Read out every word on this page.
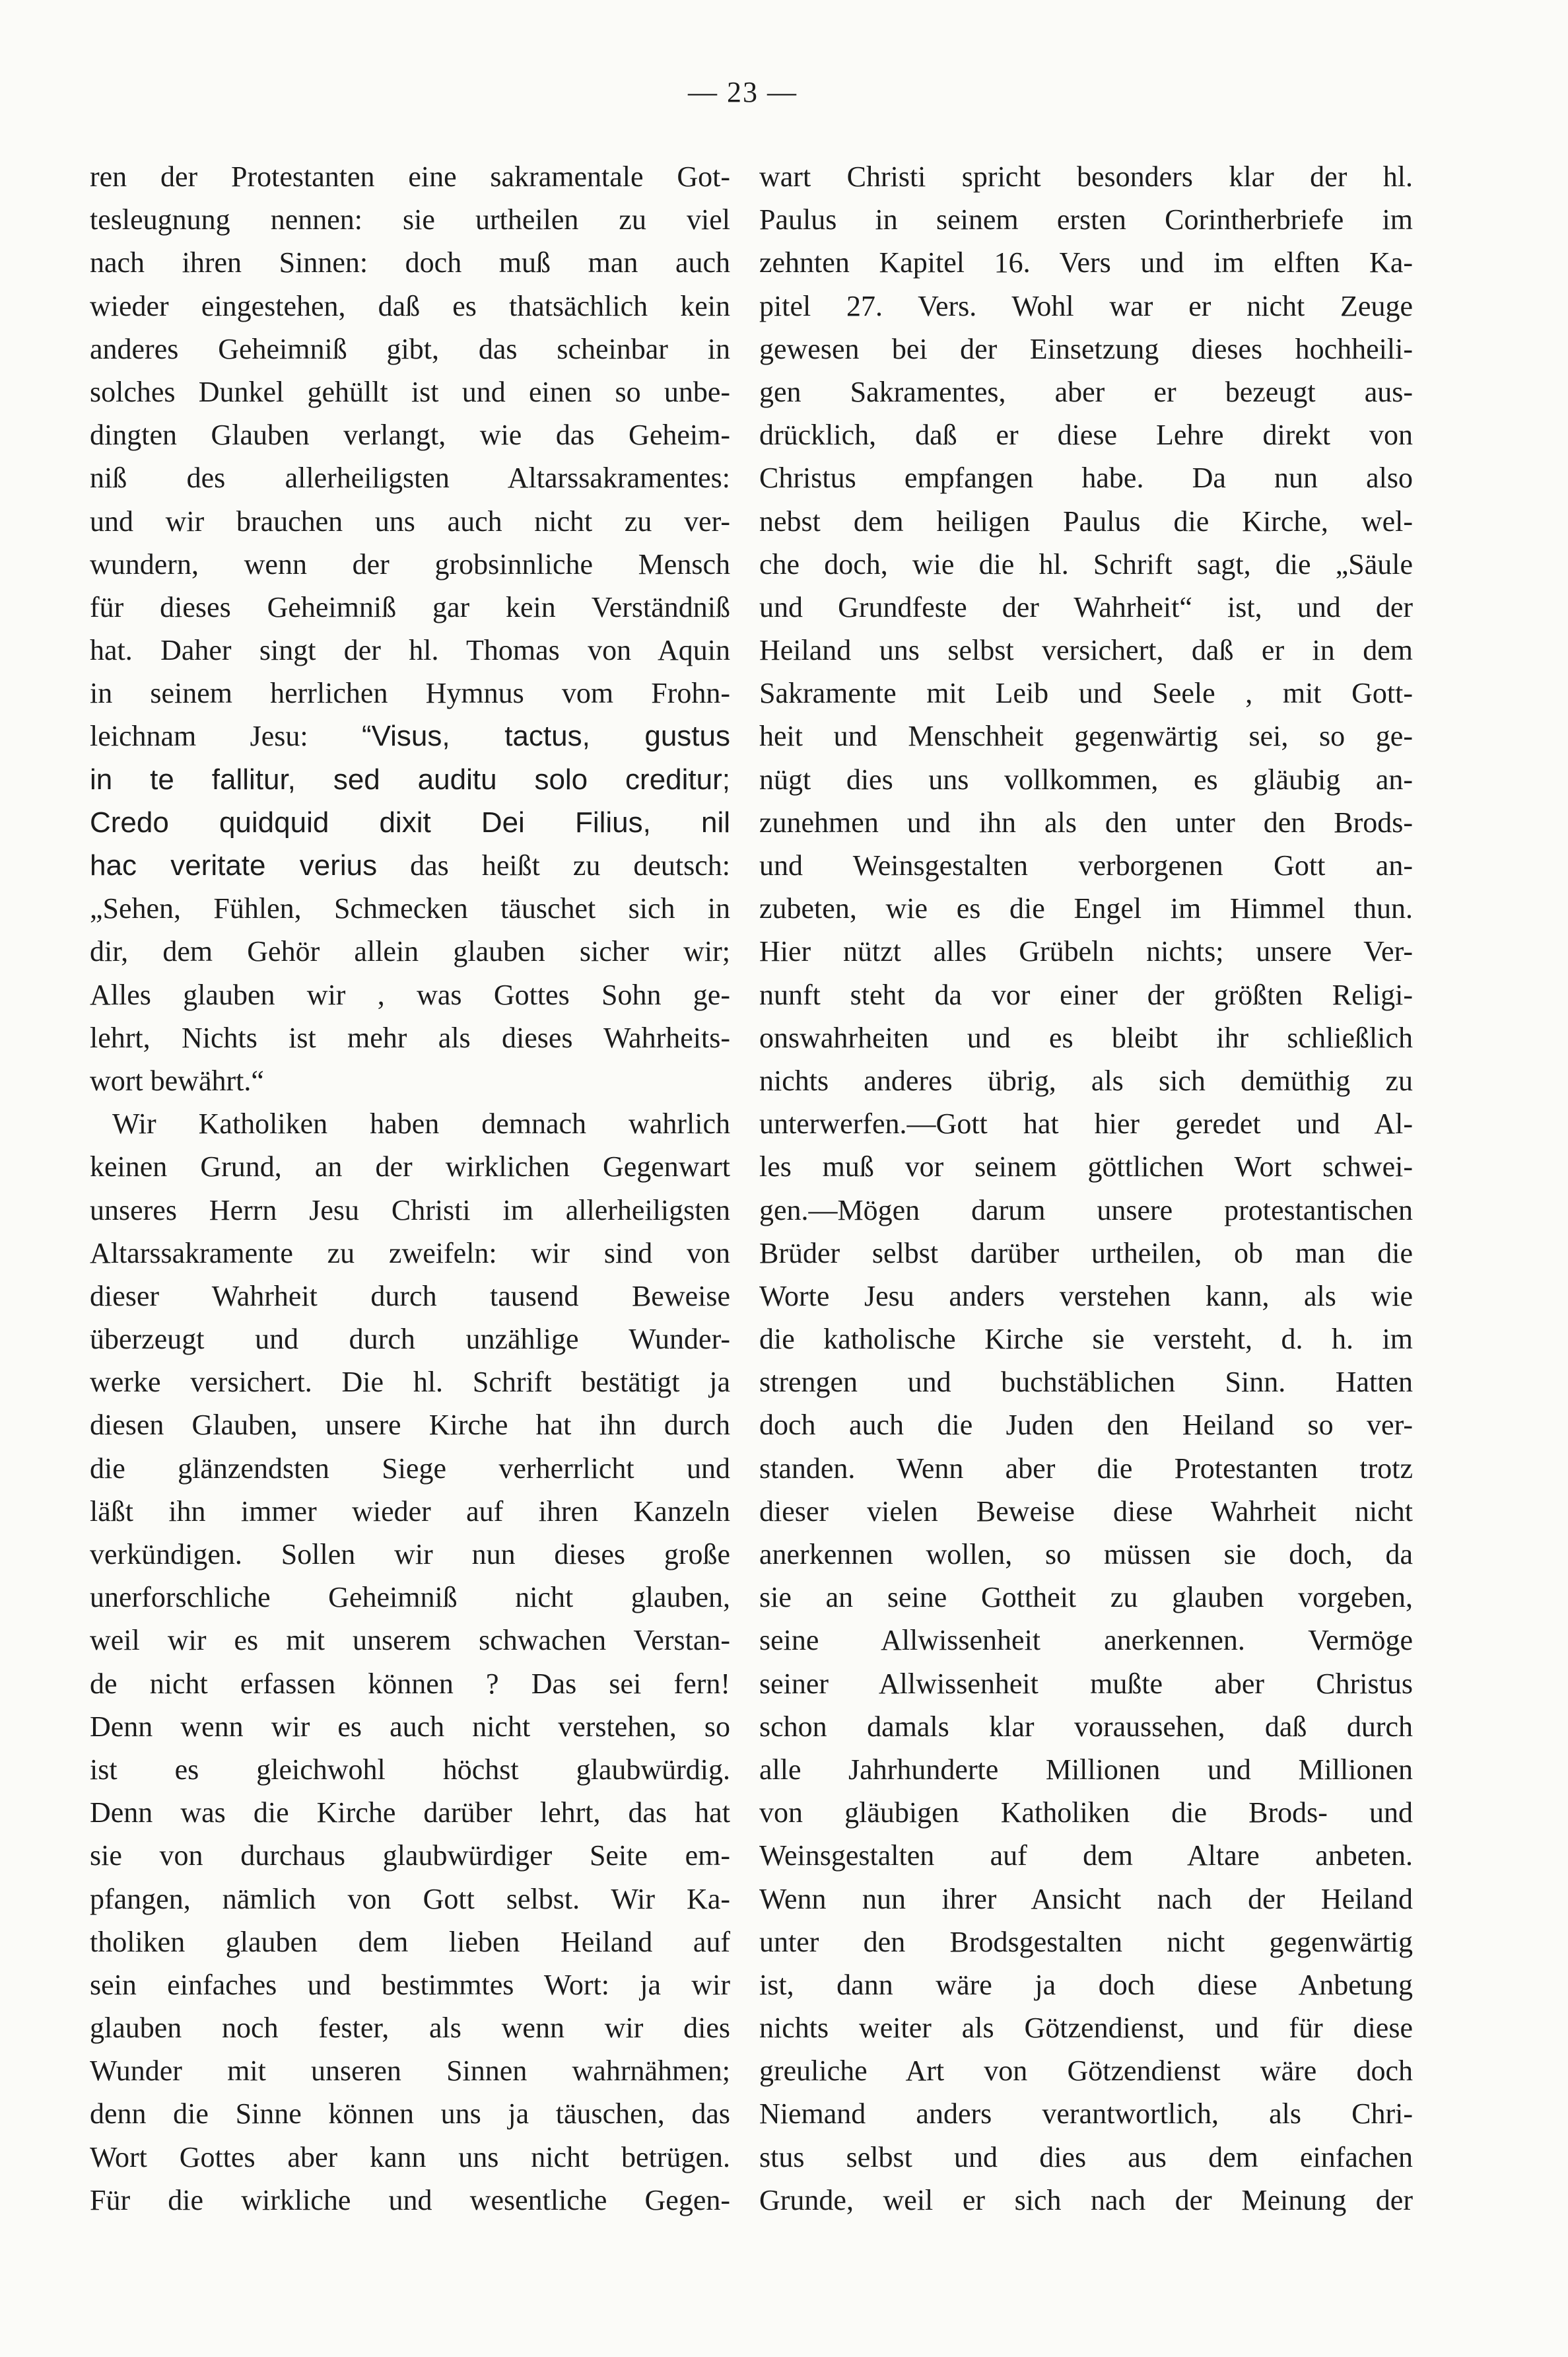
— 23 —
ren der Protestanten eine sakramentale Got-
tesleugnung nennen: sie urtheilen zu viel
nach ihren Sinnen: doch muß man auch
wieder eingestehen, daß es thatsächlich kein
anderes Geheimniß gibt, das scheinbar in
solches Dunkel gehüllt ist und einen so unbe-
dingten Glauben verlangt, wie das Geheim-
niß des allerheiligsten Altarssakramentes:
und wir brauchen uns auch nicht zu ver-
wundern, wenn der grobsinnliche Mensch
für dieses Geheimniß gar kein Verständniß
hat. Daher singt der hl. Thomas von Aquin
in seinem herrlichen Hymnus vom Frohn-
leichnam Jesu: “Visus, tactus, gustus
in te fallitur, sed auditu solo creditur;
Credo quidquid dixit Dei Filius, nil
hac veritate verius das heißt zu deutsch:
„Sehen, Fühlen, Schmecken täuschet sich in
dir, dem Gehör allein glauben sicher wir;
Alles glauben wir , was Gottes Sohn ge-
lehrt, Nichts ist mehr als dieses Wahrheits-
wort bewährt.“
Wir Katholiken haben demnach wahrlich
keinen Grund, an der wirklichen Gegenwart
unseres Herrn Jesu Christi im allerheiligsten
Altarssakramente zu zweifeln: wir sind von
dieser Wahrheit durch tausend Beweise
überzeugt und durch unzählige Wunder-
werke versichert. Die hl. Schrift bestätigt ja
diesen Glauben, unsere Kirche hat ihn durch
die glänzendsten Siege verherrlicht und
läßt ihn immer wieder auf ihren Kanzeln
verkündigen. Sollen wir nun dieses große
unerforschliche Geheimniß nicht glauben,
weil wir es mit unserem schwachen Verstan-
de nicht erfassen können ? Das sei fern!
Denn wenn wir es auch nicht verstehen, so
ist es gleichwohl höchst glaubwürdig.
Denn was die Kirche darüber lehrt, das hat
sie von durchaus glaubwürdiger Seite em-
pfangen, nämlich von Gott selbst. Wir Ka-
tholiken glauben dem lieben Heiland auf
sein einfaches und bestimmtes Wort: ja wir
glauben noch fester, als wenn wir dies
Wunder mit unseren Sinnen wahrnähmen;
denn die Sinne können uns ja täuschen, das
Wort Gottes aber kann uns nicht betrügen.
Für die wirkliche und wesentliche Gegen-
wart Christi spricht besonders klar der hl.
Paulus in seinem ersten Corintherbriefe im
zehnten Kapitel 16. Vers und im elften Ka-
pitel 27. Vers. Wohl war er nicht Zeuge
gewesen bei der Einsetzung dieses hochheili-
gen Sakramentes, aber er bezeugt aus-
drücklich, daß er diese Lehre direkt von
Christus empfangen habe. Da nun also
nebst dem heiligen Paulus die Kirche, wel-
che doch, wie die hl. Schrift sagt, die „Säule
und Grundfeste der Wahrheit“ ist, und der
Heiland uns selbst versichert, daß er in dem
Sakramente mit Leib und Seele , mit Gott-
heit und Menschheit gegenwärtig sei, so ge-
nügt dies uns vollkommen, es gläubig an-
zunehmen und ihn als den unter den Brods-
und Weinsgestalten verborgenen Gott an-
zubeten, wie es die Engel im Himmel thun.
Hier nützt alles Grübeln nichts; unsere Ver-
nunft steht da vor einer der größten Religi-
onswahrheiten und es bleibt ihr schließlich
nichts anderes übrig, als sich demüthig zu
unterwerfen.—Gott hat hier geredet und Al-
les muß vor seinem göttlichen Wort schwei-
gen.—Mögen darum unsere protestantischen
Brüder selbst darüber urtheilen, ob man die
Worte Jesu anders verstehen kann, als wie
die katholische Kirche sie versteht, d. h. im
strengen und buchstäblichen Sinn. Hatten
doch auch die Juden den Heiland so ver-
standen. Wenn aber die Protestanten trotz
dieser vielen Beweise diese Wahrheit nicht
anerkennen wollen, so müssen sie doch, da
sie an seine Gottheit zu glauben vorgeben,
seine Allwissenheit anerkennen. Vermöge
seiner Allwissenheit mußte aber Christus
schon damals klar voraussehen, daß durch
alle Jahrhunderte Millionen und Millionen
von gläubigen Katholiken die Brods- und
Weinsgestalten auf dem Altare anbeten.
Wenn nun ihrer Ansicht nach der Heiland
unter den Brodsgestalten nicht gegenwärtig
ist, dann wäre ja doch diese Anbetung
nichts weiter als Götzendienst, und für diese
greuliche Art von Götzendienst wäre doch
Niemand anders verantwortlich, als Chri-
stus selbst und dies aus dem einfachen
Grunde, weil er sich nach der Meinung der
